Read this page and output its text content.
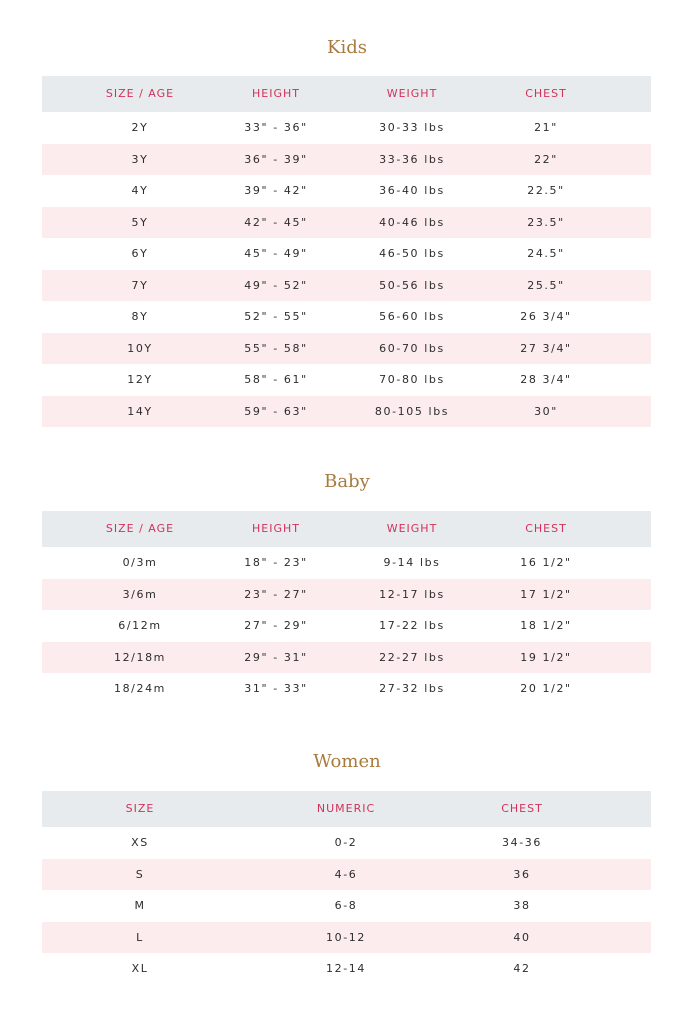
Kids
SIZE / AGE	HEIGHT	WEIGHT	CHEST
2Y	33" - 36"	30-33 lbs	21"
3Y	36" - 39"	33-36 lbs	22"
4Y	39" - 42"	36-40 lbs	22.5"
5Y	42" - 45"	40-46 lbs	23.5"
6Y	45" - 49"	46-50 lbs	24.5"
7Y	49" - 52"	50-56 lbs	25.5"
8Y	52" - 55"	56-60 lbs	26 3/4"
10Y	55" - 58"	60-70 lbs	27 3/4"
12Y	58" - 61"	70-80 lbs	28 3/4"
14Y	59" - 63"	80-105 lbs	30"
Baby
SIZE / AGE	HEIGHT	WEIGHT	CHEST
0/3m	18" - 23"	9-14 lbs	16 1/2"
3/6m	23" - 27"	12-17 lbs	17 1/2"
6/12m	27" - 29"	17-22 lbs	18 1/2"
12/18m	29" - 31"	22-27 lbs	19 1/2"
18/24m	31" - 33"	27-32 lbs	20 1/2"
Women
SIZE	NUMERIC	CHEST
XS	0-2	34-36
S	4-6	36
M	6-8	38
L	10-12	40
XL	12-14	42
